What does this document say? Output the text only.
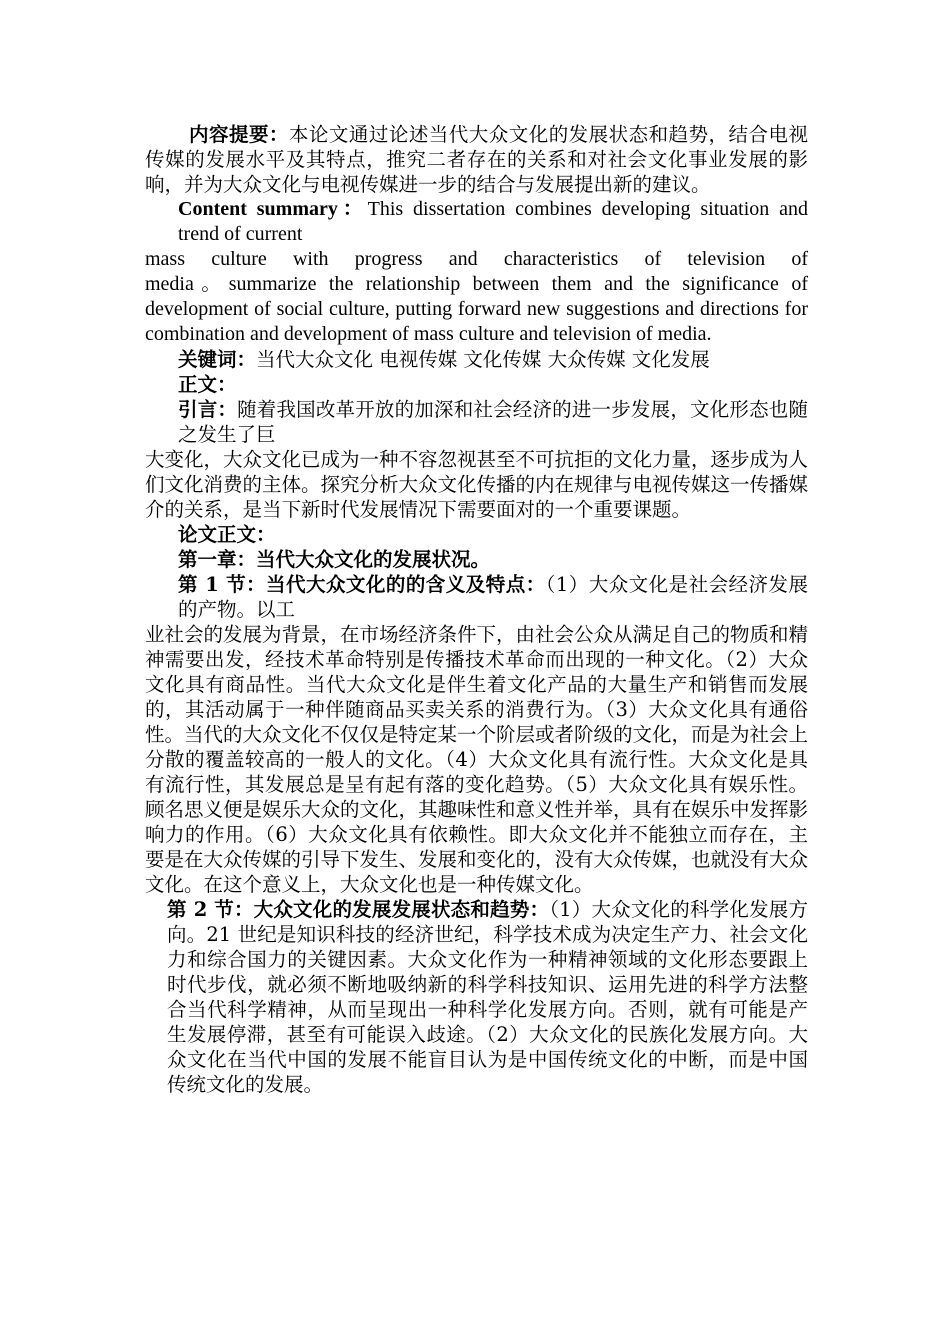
内容提要：本论文通过论述当代大众文化的发展状态和趋势，结合电视传媒的发展水平及其特点，推究二者存在的关系和对社会文化事业发展的影响，并为大众文化与电视传媒进一步的结合与发展提出新的建议。

Content summary：This dissertation combines developing situation and trend of current

mass culture with progress and characteristics of television of

media。summarize the relationship between them and the significance of development of social culture, putting forward new suggestions and directions for combination and development of mass culture and television of media.

关键词：当代大众文化 电视传媒 文化传媒 大众传媒 文化发展

正文：

引言：随着我国改革开放的加深和社会经济的进一步发展，文化形态也随之发生了巨

大变化，大众文化已成为一种不容忽视甚至不可抗拒的文化力量，逐步成为人们文化消费的主体。探究分析大众文化传播的内在规律与电视传媒这一传播媒介的关系，是当下新时代发展情况下需要面对的一个重要课题。

论文正文：

第一章：当代大众文化的发展状况。

第 1 节：当代大众文化的的含义及特点：（1）大众文化是社会经济发展的产物。以工

业社会的发展为背景，在市场经济条件下，由社会公众从满足自己的物质和精神需要出发，经技术革命特别是传播技术革命而出现的一种文化。（2）大众文化具有商品性。当代大众文化是伴生着文化产品的大量生产和销售而发展的，其活动属于一种伴随商品买卖关系的消费行为。（3）大众文化具有通俗性。当代的大众文化不仅仅是特定某一个阶层或者阶级的文化，而是为社会上分散的覆盖较高的一般人的文化。（4）大众文化具有流行性。大众文化是具有流行性，其发展总是呈有起有落的变化趋势。（5）大众文化具有娱乐性。顾名思义便是娱乐大众的文化，其趣味性和意义性并举，具有在娱乐中发挥影响力的作用。（6）大众文化具有依赖性。即大众文化并不能独立而存在，主要是在大众传媒的引导下发生、发展和变化的，没有大众传媒，也就没有大众文化。在这个意义上，大众文化也是一种传媒文化。

第 2 节：大众文化的发展发展状态和趋势：（1）大众文化的科学化发展方向。21 世纪是知识科技的经济世纪，科学技术成为决定生产力、社会文化力和综合国力的关键因素。大众文化作为一种精神领域的文化形态要跟上时代步伐，就必须不断地吸纳新的科学科技知识、运用先进的科学方法整合当代科学精神，从而呈现出一种科学化发展方向。否则，就有可能是产生发展停滞，甚至有可能误入歧途。（2）大众文化的民族化发展方向。大众文化在当代中国的发展不能盲目认为是中国传统文化的中断，而是中国传统文化的发展。
